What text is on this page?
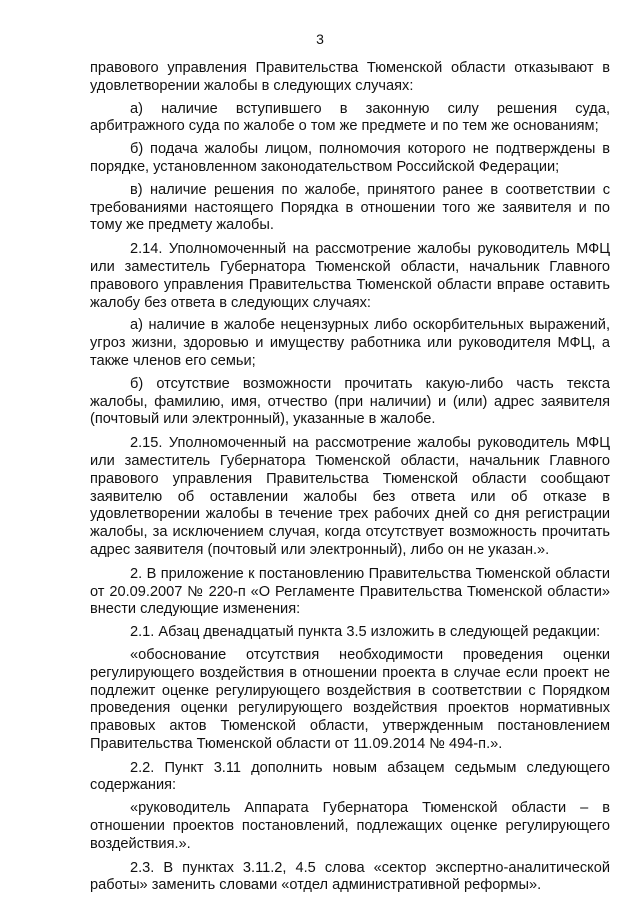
3

правового управления Правительства Тюменской области отказывают в удовлетворении жалобы в следующих случаях:

а) наличие вступившего в законную силу решения суда, арбитражного суда по жалобе о том же предмете и по тем же основаниям;

б) подача жалобы лицом, полномочия которого не подтверждены в порядке, установленном законодательством Российской Федерации;

в) наличие решения по жалобе, принятого ранее в соответствии с требованиями настоящего Порядка в отношении того же заявителя и по тому же предмету жалобы.

2.14. Уполномоченный на рассмотрение жалобы руководитель МФЦ или заместитель Губернатора Тюменской области, начальник Главного правового управления Правительства Тюменской области вправе оставить жалобу без ответа в следующих случаях:

а) наличие в жалобе нецензурных либо оскорбительных выражений, угроз жизни, здоровью и имуществу работника или руководителя МФЦ, а также членов его семьи;

б) отсутствие возможности прочитать какую-либо часть текста жалобы, фамилию, имя, отчество (при наличии) и (или) адрес заявителя (почтовый или электронный), указанные в жалобе.

2.15. Уполномоченный на рассмотрение жалобы руководитель МФЦ или заместитель Губернатора Тюменской области, начальник Главного правового управления Правительства Тюменской области сообщают заявителю об оставлении жалобы без ответа или об отказе в удовлетворении жалобы в течение трех рабочих дней со дня регистрации жалобы, за исключением случая, когда отсутствует возможность прочитать адрес заявителя (почтовый или электронный), либо он не указан.».

2. В приложение к постановлению Правительства Тюменской области от 20.09.2007 № 220-п «О Регламенте Правительства Тюменской области» внести следующие изменения:

2.1. Абзац двенадцатый пункта 3.5 изложить в следующей редакции:

«обоснование отсутствия необходимости проведения оценки регулирующего воздействия в отношении проекта в случае если проект не подлежит оценке регулирующего воздействия в соответствии с Порядком проведения оценки регулирующего воздействия проектов нормативных правовых актов Тюменской области, утвержденным постановлением Правительства Тюменской области от 11.09.2014 № 494-п.».

2.2. Пункт 3.11 дополнить новым абзацем седьмым следующего содержания:

«руководитель Аппарата Губернатора Тюменской области – в отношении проектов постановлений, подлежащих оценке регулирующего воздействия.».

2.3. В пунктах 3.11.2, 4.5 слова «сектор экспертно-аналитической работы» заменить словами «отдел административной реформы».
